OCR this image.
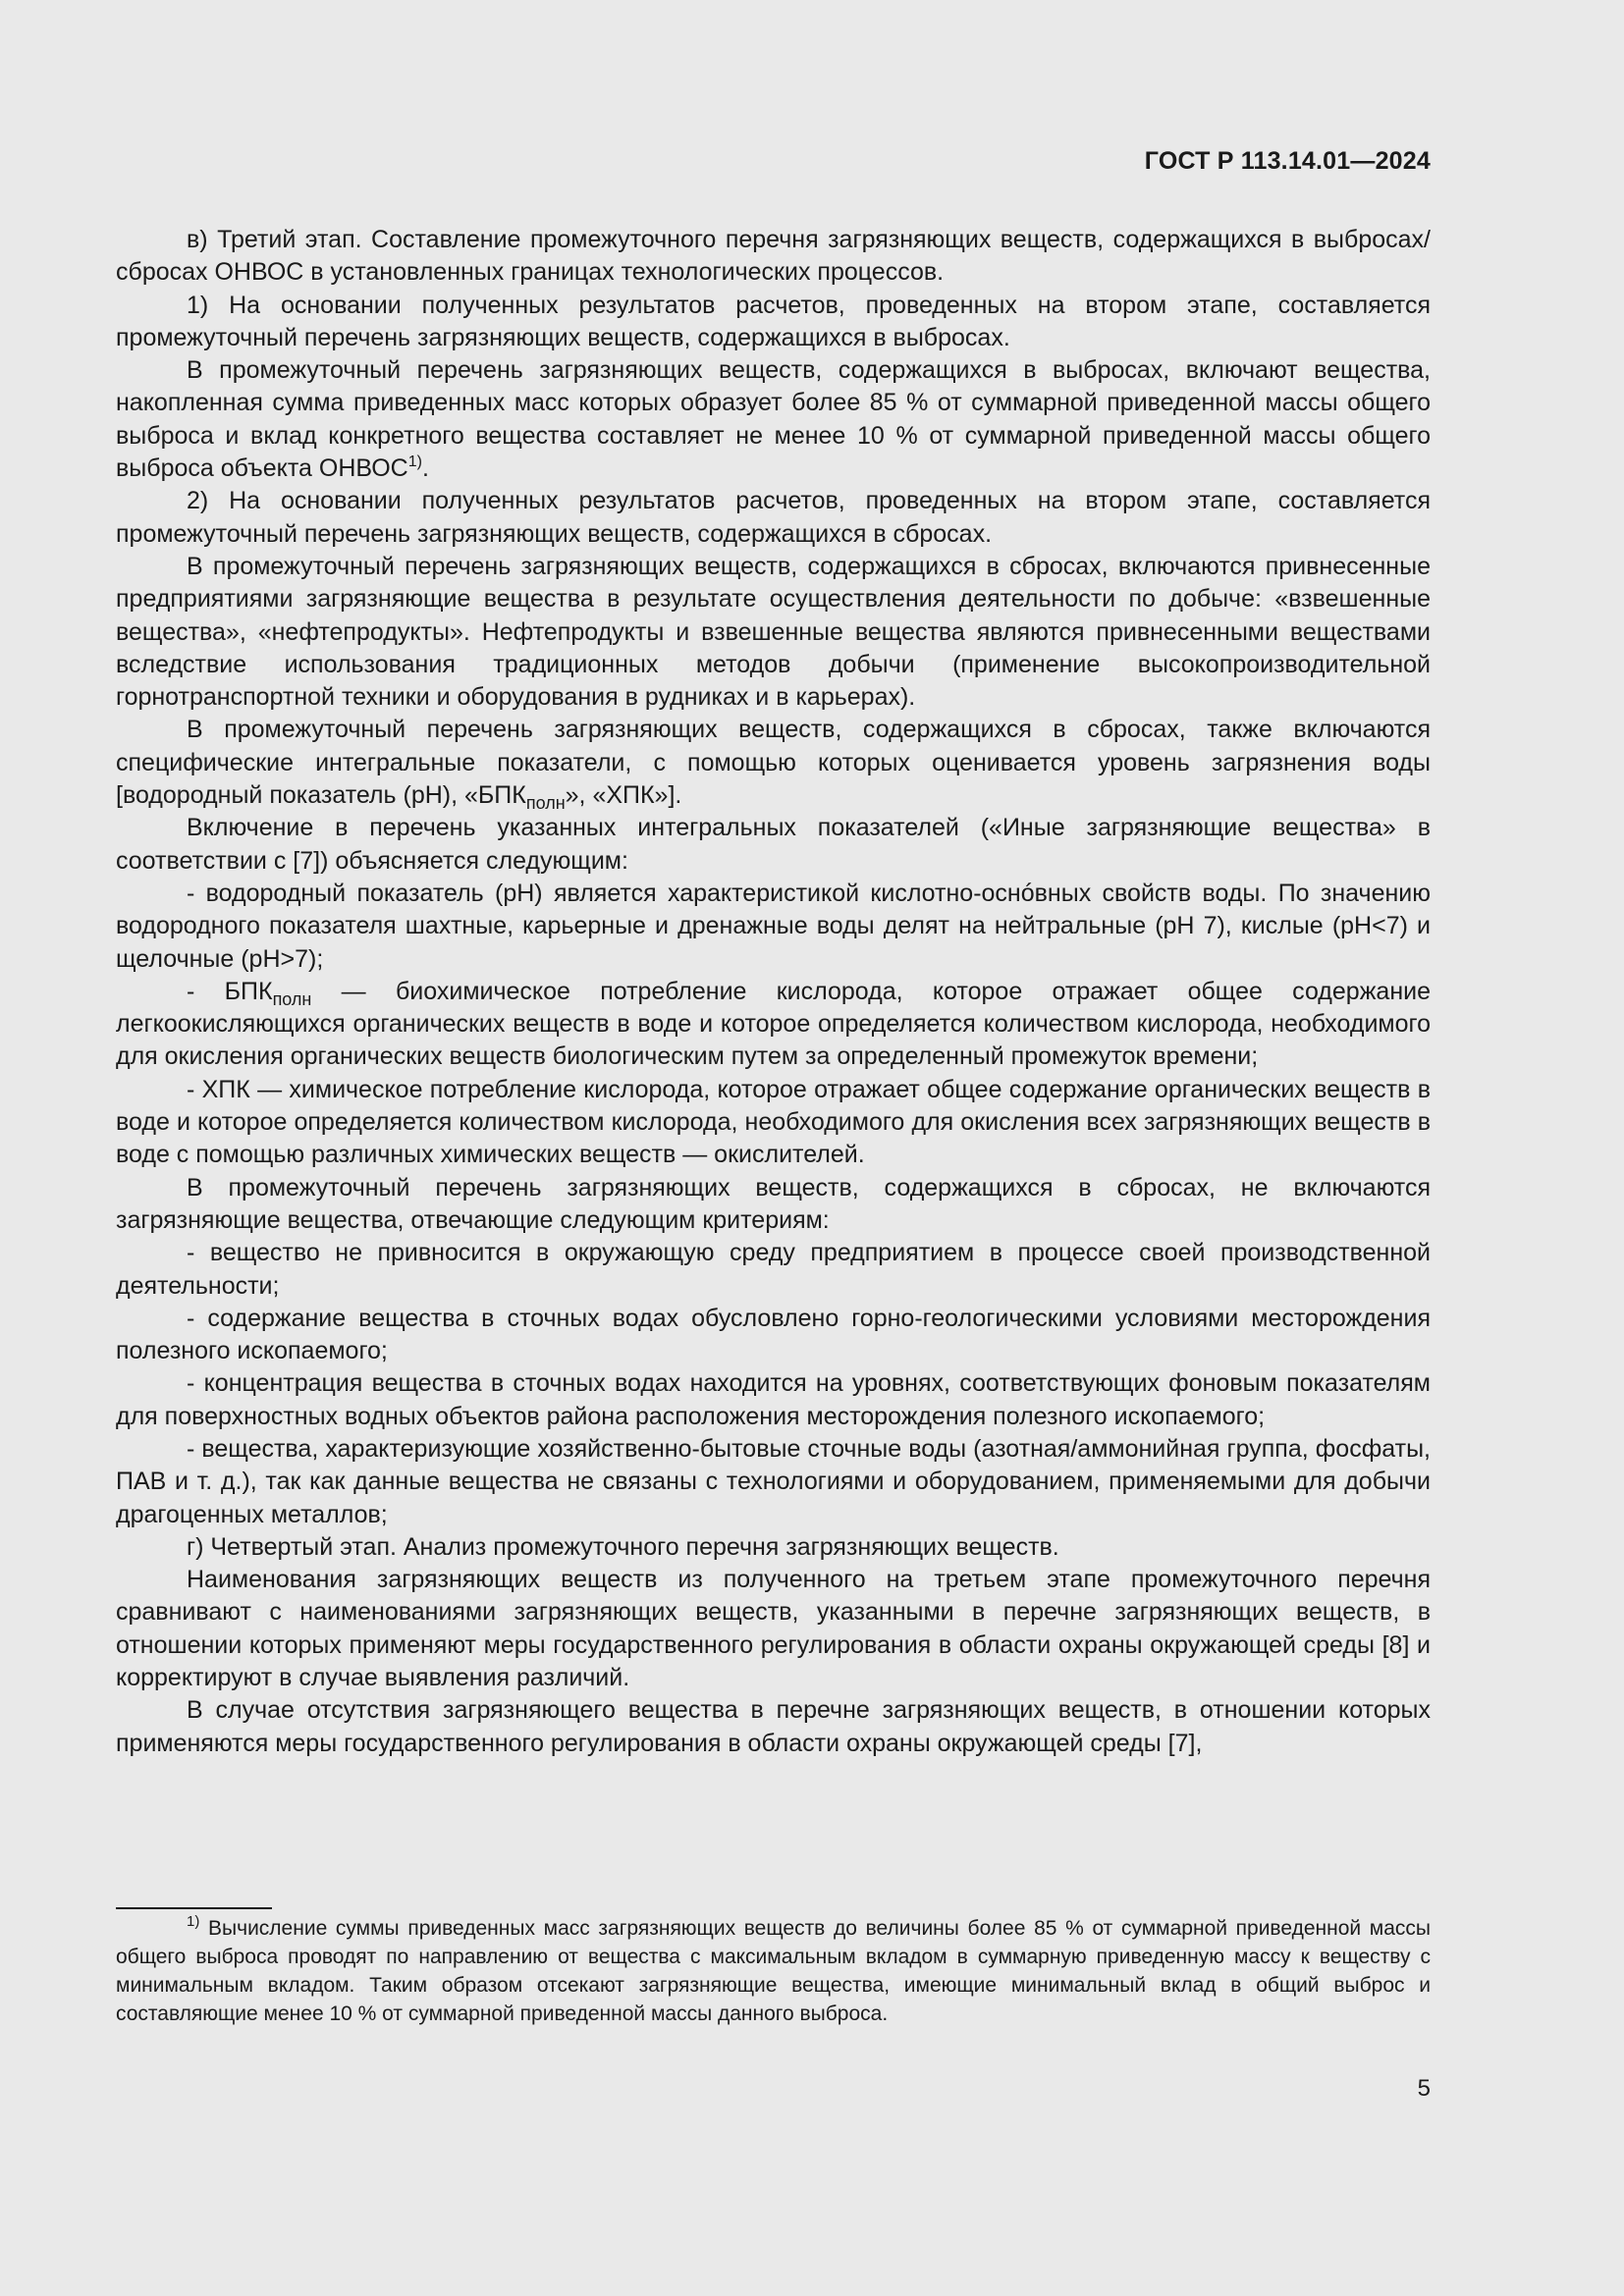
ГОСТ Р 113.14.01—2024

в) Третий этап. Составление промежуточного перечня загрязняющих веществ, содержащихся в выбросах/сбросах ОНВОС в установленных границах технологических процессов.

1) На основании полученных результатов расчетов, проведенных на втором этапе, составляется промежуточный перечень загрязняющих веществ, содержащихся в выбросах.

В промежуточный перечень загрязняющих веществ, содержащихся в выбросах, включают вещества, накопленная сумма приведенных масс которых образует более 85 % от суммарной приведенной массы общего выброса и вклад конкретного вещества составляет не менее 10 % от суммарной приведенной массы общего выброса объекта ОНВОС$^{1)}$.

2) На основании полученных результатов расчетов, проведенных на втором этапе, составляется промежуточный перечень загрязняющих веществ, содержащихся в сбросах.

В промежуточный перечень загрязняющих веществ, содержащихся в сбросах, включаются привнесенные предприятиями загрязняющие вещества в результате осуществления деятельности по добыче: «взвешенные вещества», «нефтепродукты». Нефтепродукты и взвешенные вещества являются привнесенными веществами вследствие использования традиционных методов добычи (применение высокопроизводительной горнотранспортной техники и оборудования в рудниках и в карьерах).

В промежуточный перечень загрязняющих веществ, содержащихся в сбросах, также включаются специфические интегральные показатели, с помощью которых оценивается уровень загрязнения воды [водородный показатель (pH), «$БПК_{полн}$», «ХПК»].

Включение в перечень указанных интегральных показателей («Иные загрязняющие вещества» в соответствии с [7]) объясняется следующим:

- водородный показатель (pH) является характеристикой кислотно-оснóвных свойств воды. По значению водородного показателя шахтные, карьерные и дренажные воды делят на нейтральные (pH 7), кислые (pH<7) и щелочные (pH>7);

- $БПК_{полн}$ — биохимическое потребление кислорода, которое отражает общее содержание легкоокисляющихся органических веществ в воде и которое определяется количеством кислорода, необходимого для окисления органических веществ биологическим путем за определенный промежуток времени;

- ХПК — химическое потребление кислорода, которое отражает общее содержание органических веществ в воде и которое определяется количеством кислорода, необходимого для окисления всех загрязняющих веществ в воде с помощью различных химических веществ — окислителей.

В промежуточный перечень загрязняющих веществ, содержащихся в сбросах, не включаются загрязняющие вещества, отвечающие следующим критериям:

- вещество не привносится в окружающую среду предприятием в процессе своей производственной деятельности;

- содержание вещества в сточных водах обусловлено горно-геологическими условиями месторождения полезного ископаемого;

- концентрация вещества в сточных водах находится на уровнях, соответствующих фоновым показателям для поверхностных водных объектов района расположения месторождения полезного ископаемого;

- вещества, характеризующие хозяйственно-бытовые сточные воды (азотная/аммонийная группа, фосфаты, ПАВ и т. д.), так как данные вещества не связаны с технологиями и оборудованием, применяемыми для добычи драгоценных металлов;

г) Четвертый этап. Анализ промежуточного перечня загрязняющих веществ.

Наименования загрязняющих веществ из полученного на третьем этапе промежуточного перечня сравнивают с наименованиями загрязняющих веществ, указанными в перечне загрязняющих веществ, в отношении которых применяют меры государственного регулирования в области охраны окружающей среды [8] и корректируют в случае выявления различий.

В случае отсутствия загрязняющего вещества в перечне загрязняющих веществ, в отношении которых применяются меры государственного регулирования в области охраны окружающей среды [7],

$^{1)}$ Вычисление суммы приведенных масс загрязняющих веществ до величины более 85 % от суммарной приведенной массы общего выброса проводят по направлению от вещества с максимальным вкладом в суммарную приведенную массу к веществу с минимальным вкладом. Таким образом отсекают загрязняющие вещества, имеющие минимальный вклад в общий выброс и составляющие менее 10 % от суммарной приведенной массы данного выброса.

5
